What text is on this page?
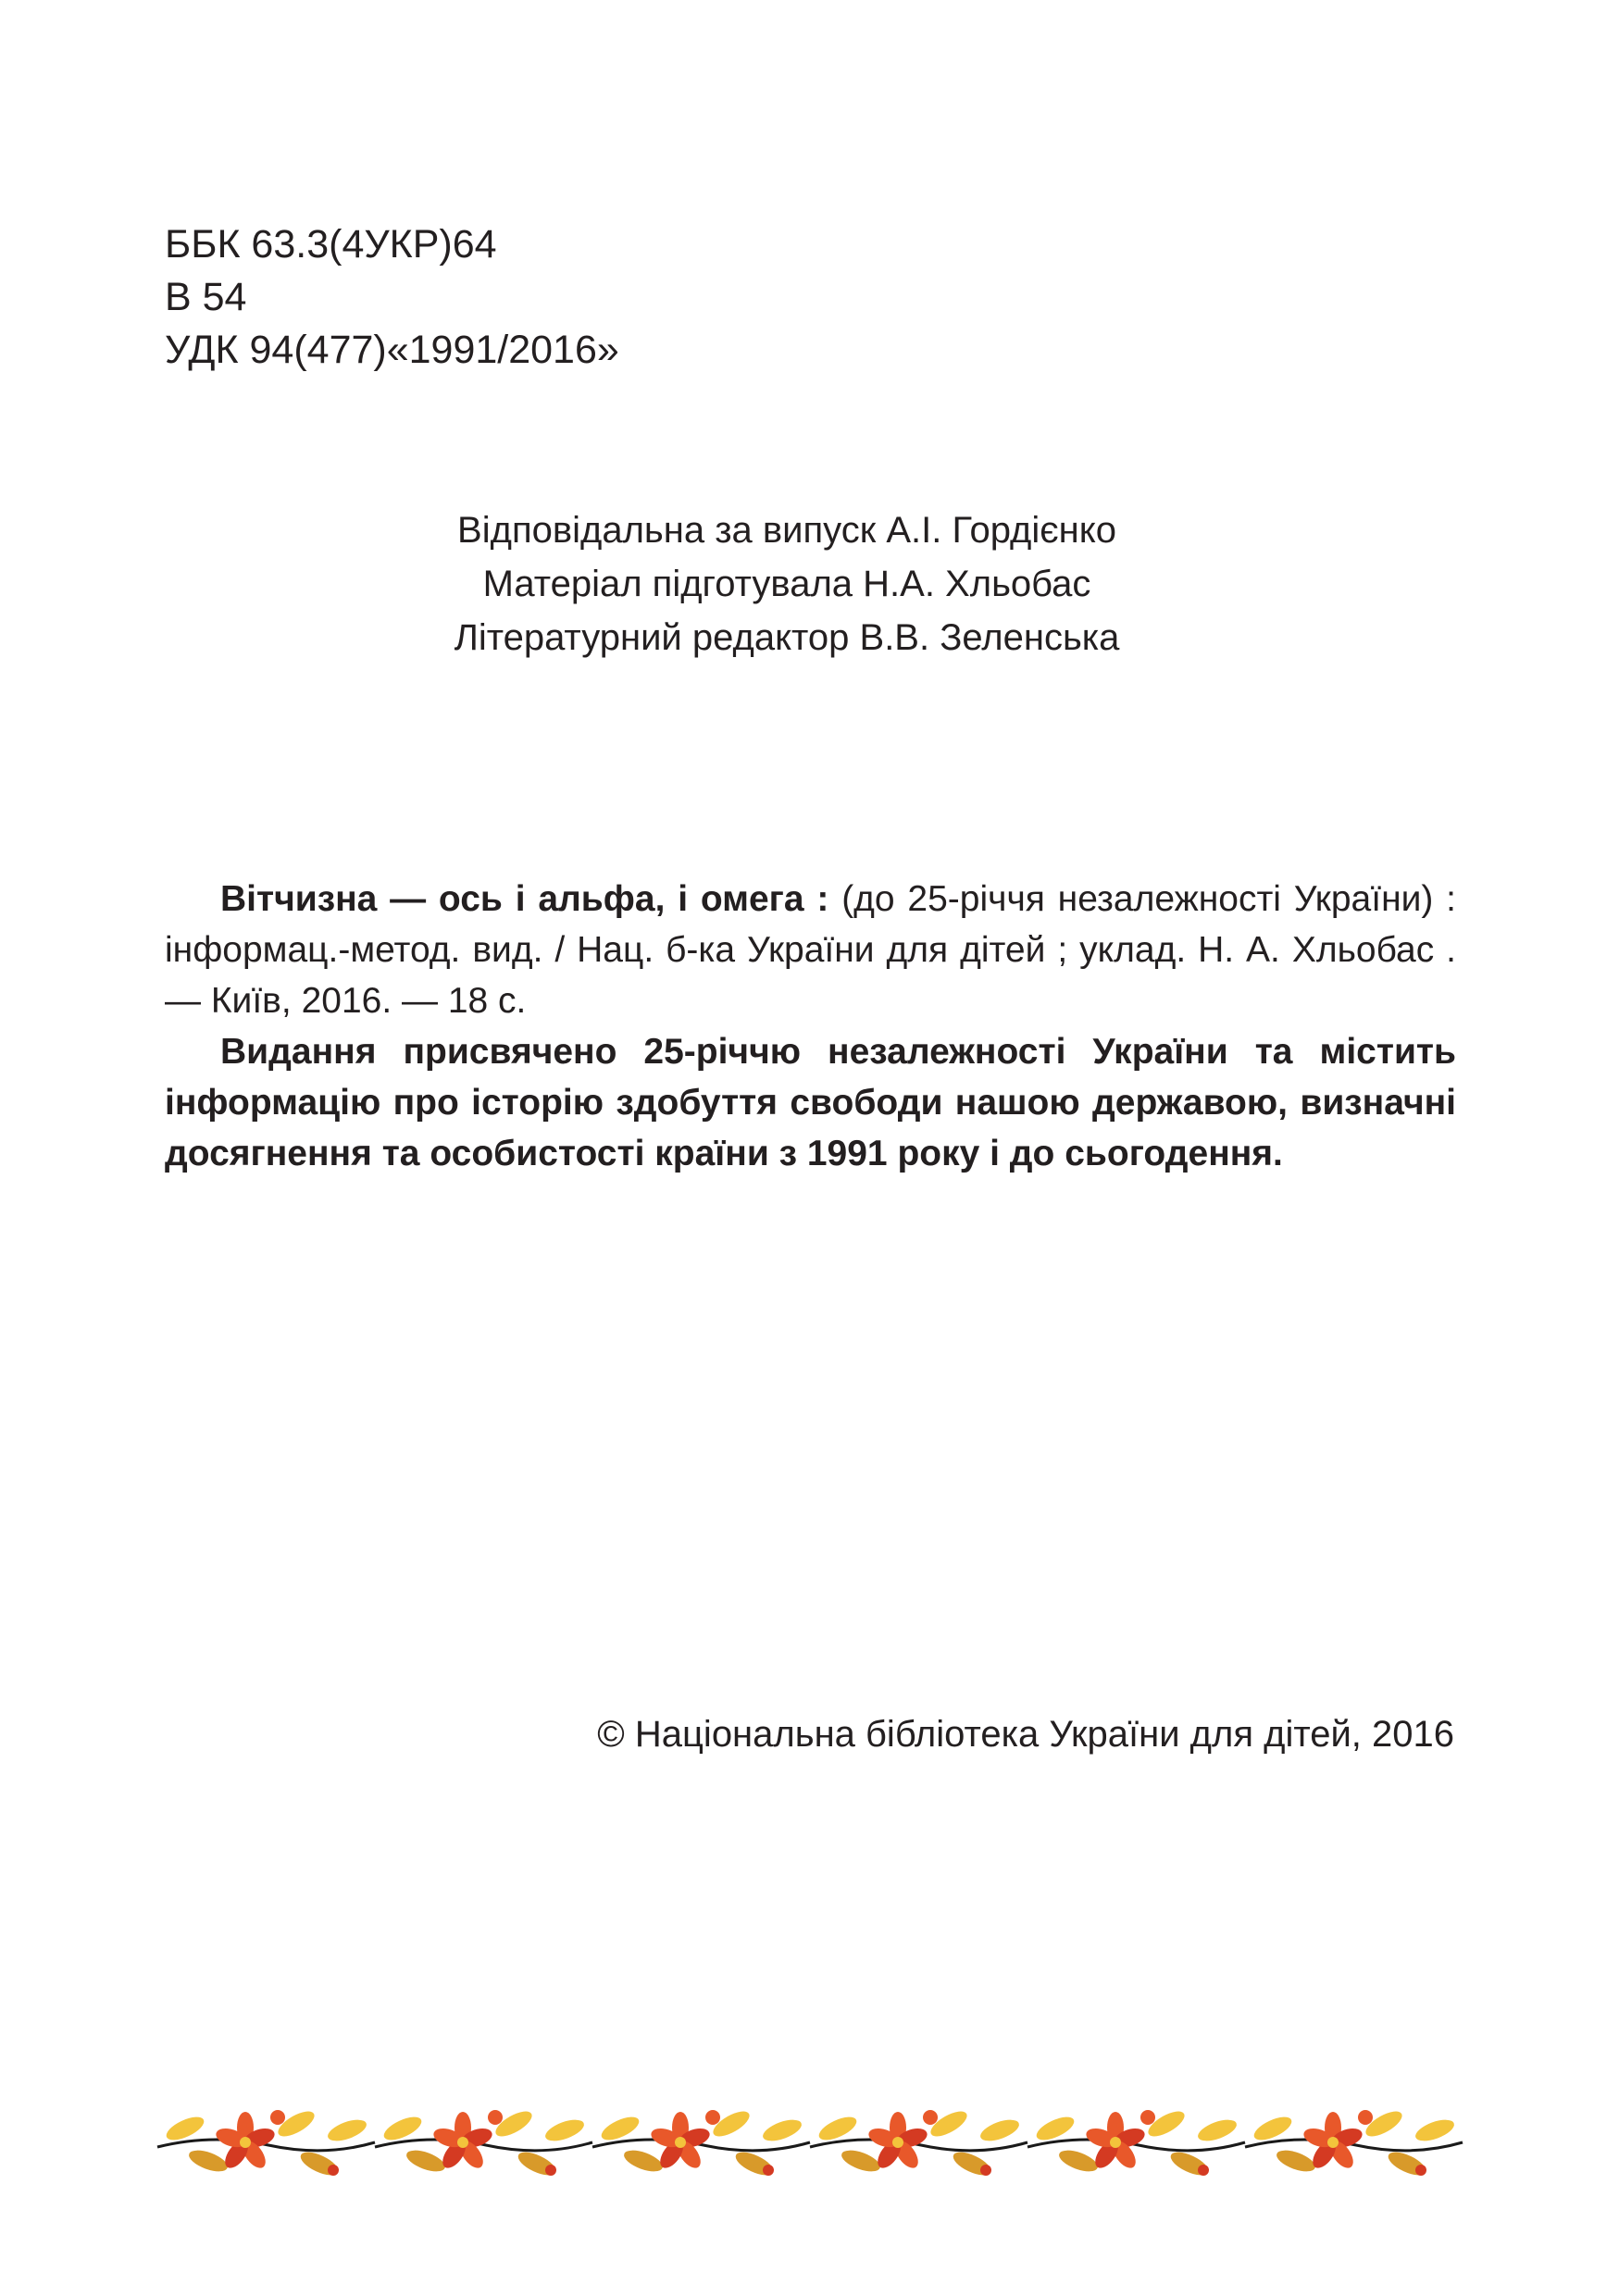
ББК 63.3(4УКР)64
В 54
УДК 94(477)«1991/2016»
Відповідальна за випуск А.І. Гордієнко
Матеріал підготувала Н.А. Хльобас
Літературний редактор В.В. Зеленська

Вітчизна — ось і альфа, і омега : (до 25-річчя незалежності України) : інформац.-метод. вид. / Нац. б-ка України для дітей ; уклад. Н. А. Хльобас . — Київ, 2016. — 18 с.

Видання присвячено 25-річчю незалежності України та містить інформацію про історію здобуття свободи нашою державою, визначні досягнення та особистості країни з 1991 року і до сьогодення.

© Національна бібліотека України для дітей, 2016
